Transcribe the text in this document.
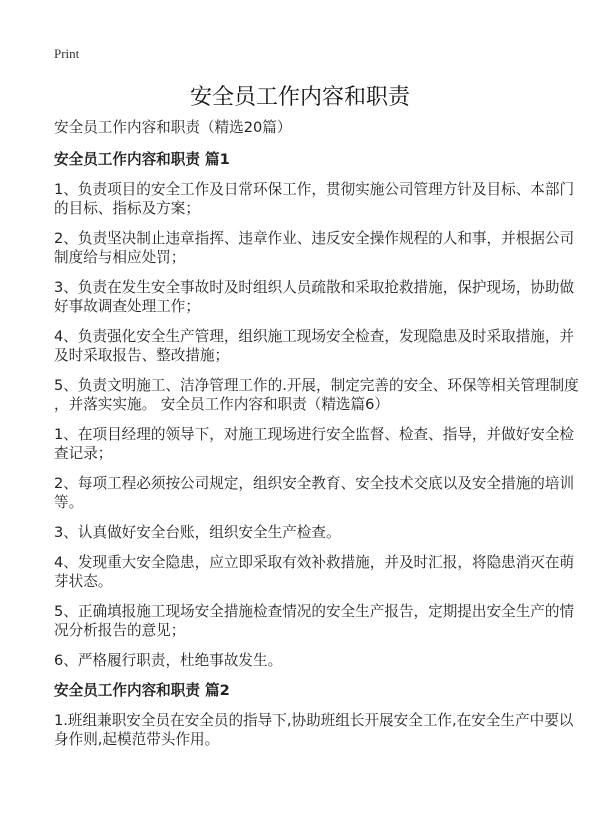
Print
安全员工作内容和职责
安全员工作内容和职责（精选20篇）
安全员工作内容和职责 篇1
1、负责项目的安全工作及日常环保工作，贯彻实施公司管理方针及目标、本部门
的目标、指标及方案；
2、负责坚决制止违章指挥、违章作业、违反安全操作规程的人和事，并根据公司
制度给与相应处罚；
3、负责在发生安全事故时及时组织人员疏散和采取抢救措施，保护现场，协助做
好事故调查处理工作；
4、负责强化安全生产管理，组织施工现场安全检查，发现隐患及时采取措施，并
及时采取报告、整改措施；
5、负责文明施工、洁净管理工作的.开展，制定完善的安全、环保等相关管理制度
，并落实实施。 安全员工作内容和职责（精选篇6）
1、在项目经理的领导下，对施工现场进行安全监督、检查、指导，并做好安全检
查记录；
2、每项工程必须按公司规定，组织安全教育、安全技术交底以及安全措施的培训
等。
3、认真做好安全台账，组织安全生产检查。
4、发现重大安全隐患，应立即采取有效补救措施，并及时汇报，将隐患消灭在萌
芽状态。
5、正确填报施工现场安全措施检查情况的安全生产报告，定期提出安全生产的情
况分析报告的意见；
6、严格履行职责，杜绝事故发生。
安全员工作内容和职责 篇2
1.班组兼职安全员在安全员的指导下,协助班组长开展安全工作,在安全生产中要以
身作则,起模范带头作用。
